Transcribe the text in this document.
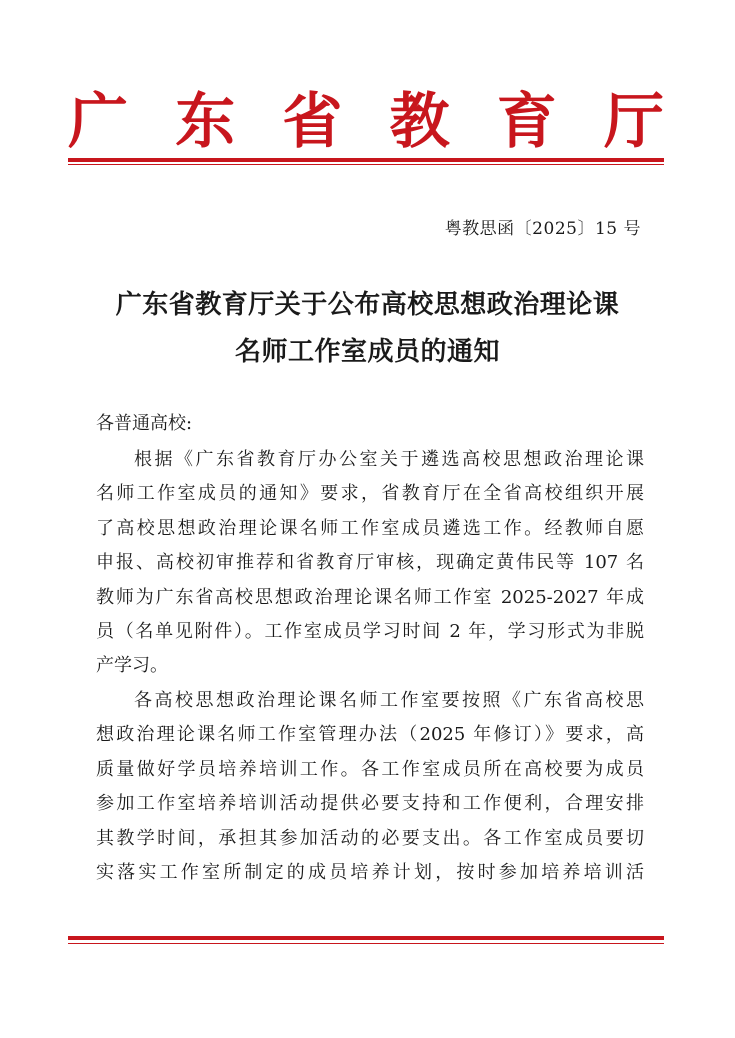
广 东 省 教 育 厅
粤教思函〔2025〕15 号
广东省教育厅关于公布高校思想政治理论课
名师工作室成员的通知
各普通高校:
根据《广东省教育厅办公室关于遴选高校思想政治理论课
名师工作室成员的通知》要求，省教育厅在全省高校组织开展
了高校思想政治理论课名师工作室成员遴选工作。经教师自愿
申报、高校初审推荐和省教育厅审核，现确定黄伟民等 107 名
教师为广东省高校思想政治理论课名师工作室 2025-2027 年成
员（名单见附件）。工作室成员学习时间 2 年，学习形式为非脱
产学习。
各高校思想政治理论课名师工作室要按照《广东省高校思
想政治理论课名师工作室管理办法（2025 年修订）》要求，高
质量做好学员培养培训工作。各工作室成员所在高校要为成员
参加工作室培养培训活动提供必要支持和工作便利，合理安排
其教学时间，承担其参加活动的必要支出。各工作室成员要切
实落实工作室所制定的成员培养计划，按时参加培养培训活
